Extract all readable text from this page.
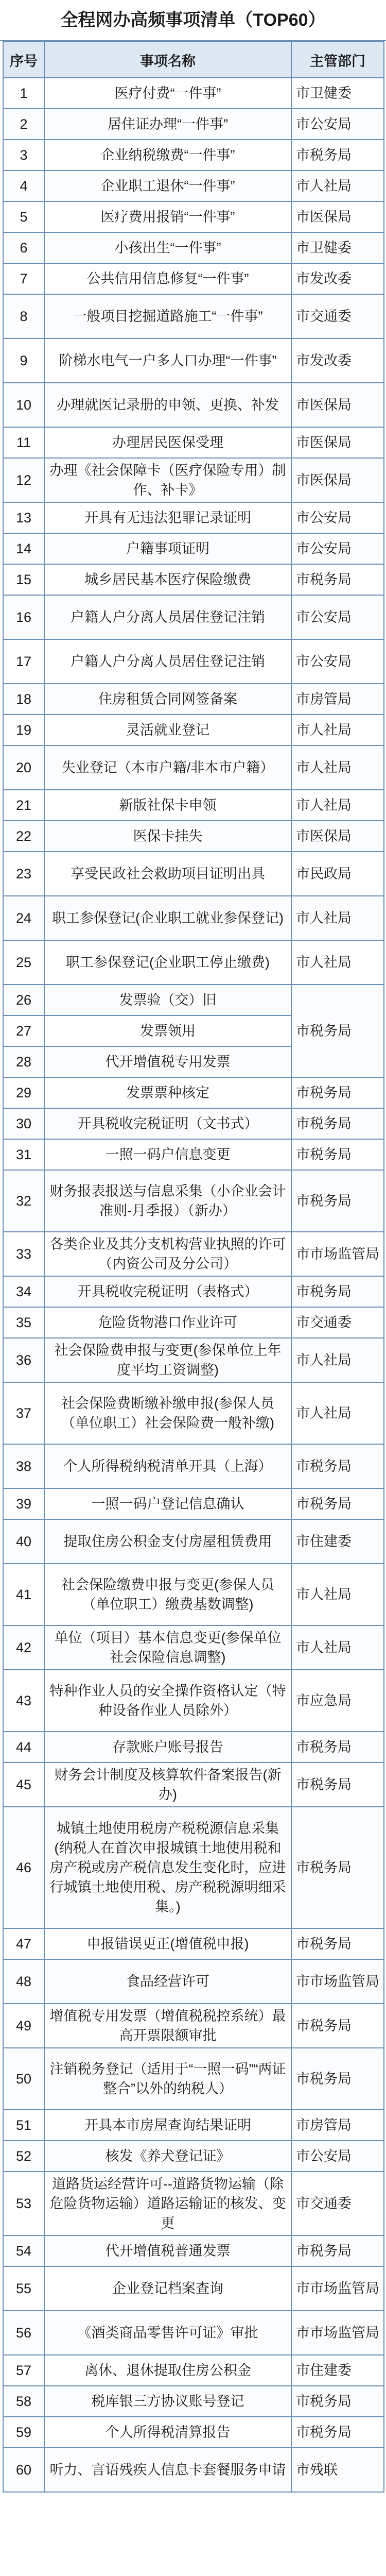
全程网办高频事项清单（TOP60）
序号	事项名称	主管部门
1	医疗付费“一件事”	市卫健委
2	居住证办理“一件事”	市公安局
3	企业纳税缴费“一件事”	市税务局
4	企业职工退休“一件事”	市人社局
5	医疗费用报销“一件事”	市医保局
6	小孩出生“一件事”	市卫健委
7	公共信用信息修复“一件事”	市发改委
8	一般项目挖掘道路施工“一件事”	市交通委
9	阶梯水电气一户多人口办理“一件事”	市发改委
10	办理就医记录册的申领、更换、补发	市医保局
11	办理居民医保受理	市医保局
12	办理《社会保障卡（医疗保险专用）制作、补卡》	市医保局
13	开具有无违法犯罪记录证明	市公安局
14	户籍事项证明	市公安局
15	城乡居民基本医疗保险缴费	市税务局
16	户籍人户分离人员居住登记注销	市公安局
17	户籍人户分离人员居住登记注销	市公安局
18	住房租赁合同网签备案	市房管局
19	灵活就业登记	市人社局
20	失业登记（本市户籍/非本市户籍）	市人社局
21	新版社保卡申领	市人社局
22	医保卡挂失	市医保局
23	享受民政社会救助项目证明出具	市民政局
24	职工参保登记(企业职工就业参保登记)	市人社局
25	职工参保登记(企业职工停止缴费)	市人社局
26	发票验（交）旧	市税务局
27	发票领用	
28	代开增值税专用发票	
29	发票票种核定	市税务局
30	开具税收完税证明（文书式）	市税务局
31	一照一码户信息变更	市税务局
32	财务报表报送与信息采集（小企业会计准则-月季报）（新办）	市税务局
33	各类企业及其分支机构营业执照的许可（内资公司及分公司）	市市场监管局
34	开具税收完税证明（表格式）	市税务局
35	危险货物港口作业许可	市交通委
36	社会保险费申报与变更(参保单位上年度平均工资调整)	市人社局
37	社会保险费断缴补缴申报(参保人员（单位职工）社会保险费一般补缴)	市人社局
38	个人所得税纳税清单开具（上海）	市税务局
39	一照一码户登记信息确认	市税务局
40	提取住房公积金支付房屋租赁费用	市住建委
41	社会保险缴费申报与变更(参保人员（单位职工）缴费基数调整)	市人社局
42	单位（项目）基本信息变更(参保单位社会保险信息调整)	市人社局
43	特种作业人员的安全操作资格认定（特种设备作业人员除外）	市应急局
44	存款账户账号报告	市税务局
45	财务会计制度及核算软件备案报告(新办)	市税务局
46	城镇土地使用税房产税税源信息采集(纳税人在首次申报城镇土地使用税和房产税或房产税信息发生变化时，应进行城镇土地使用税、房产税税源明细采集。)	市税务局
47	申报错误更正(增值税申报)	市税务局
48	食品经营许可	市市场监管局
49	增值税专用发票（增值税税控系统）最高开票限额审批	市税务局
50	注销税务登记（适用于“一照一码”“两证整合”以外的纳税人）	市税务局
51	开具本市房屋查询结果证明	市房管局
52	核发《养犬登记证》	市公安局
53	道路货运经营许可--道路货物运输（除危险货物运输）道路运输证的核发、变更	市交通委
54	代开增值税普通发票	市税务局
55	企业登记档案查询	市市场监管局
56	《酒类商品零售许可证》审批	市市场监管局
57	离休、退休提取住房公积金	市住建委
58	税库银三方协议账号登记	市税务局
59	个人所得税清算报告	市税务局
60	听力、言语残疾人信息卡套餐服务申请	市残联
